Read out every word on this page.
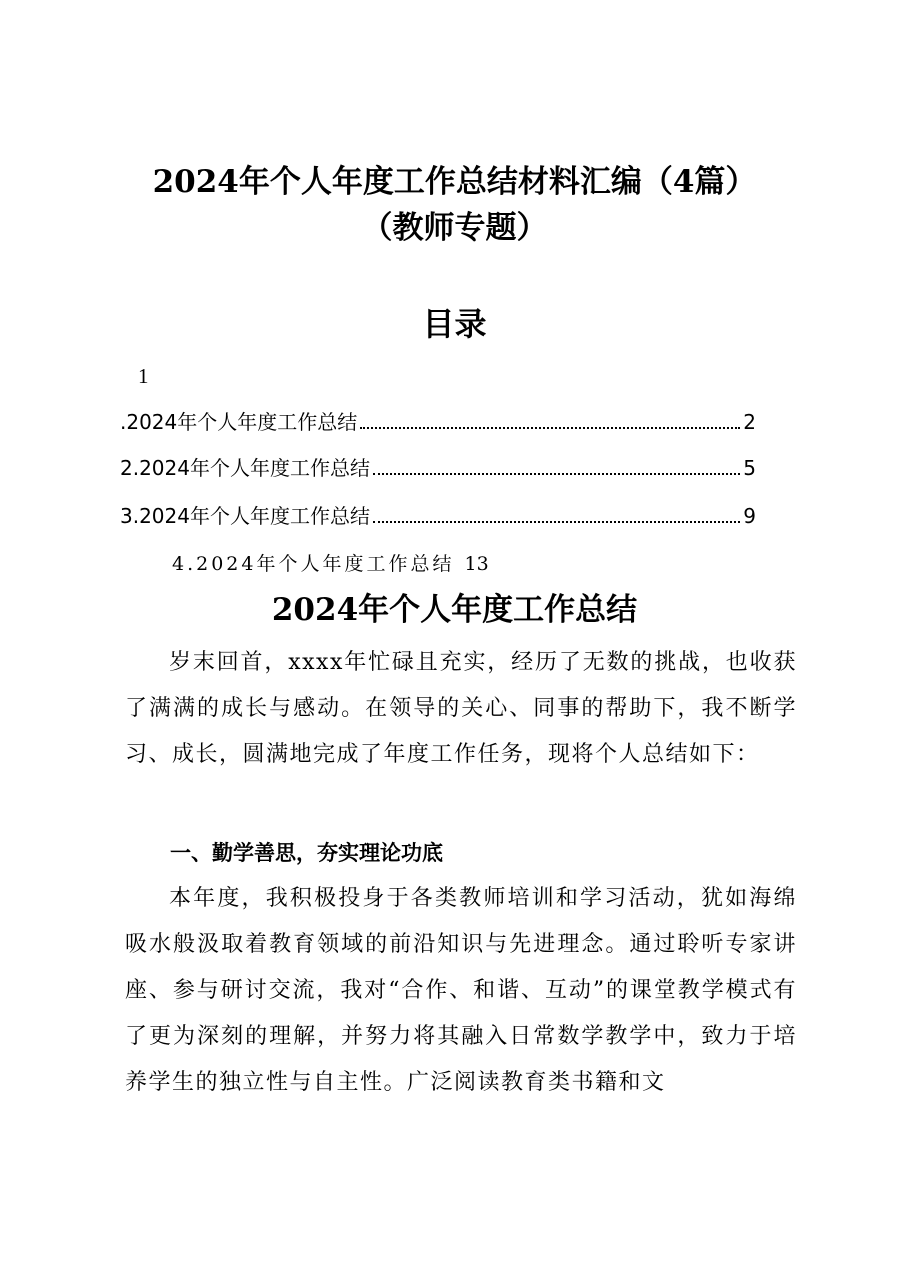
2024年个人年度工作总结材料汇编（4篇）
（教师专题）
目录
1
.2024年个人年度工作总结	2
2.2024年个人年度工作总结	5
3.2024年个人年度工作总结	9
4.2024年个人年度工作总结 13
2024年个人年度工作总结
岁末回首，xxxx年忙碌且充实，经历了无数的挑战，也收获了满满的成长与感动。在领导的关心、同事的帮助下，我不断学习、成长，圆满地完成了年度工作任务，现将个人总结如下：
一、勤学善思，夯实理论功底
本年度，我积极投身于各类教师培训和学习活动，犹如海绵吸水般汲取着教育领域的前沿知识与先进理念。通过聆听专家讲座、参与研讨交流，我对“合作、和谐、互动”的课堂教学模式有了更为深刻的理解，并努力将其融入日常数学教学中，致力于培养学生的独立性与自主性。广泛阅读教育类书籍和文
